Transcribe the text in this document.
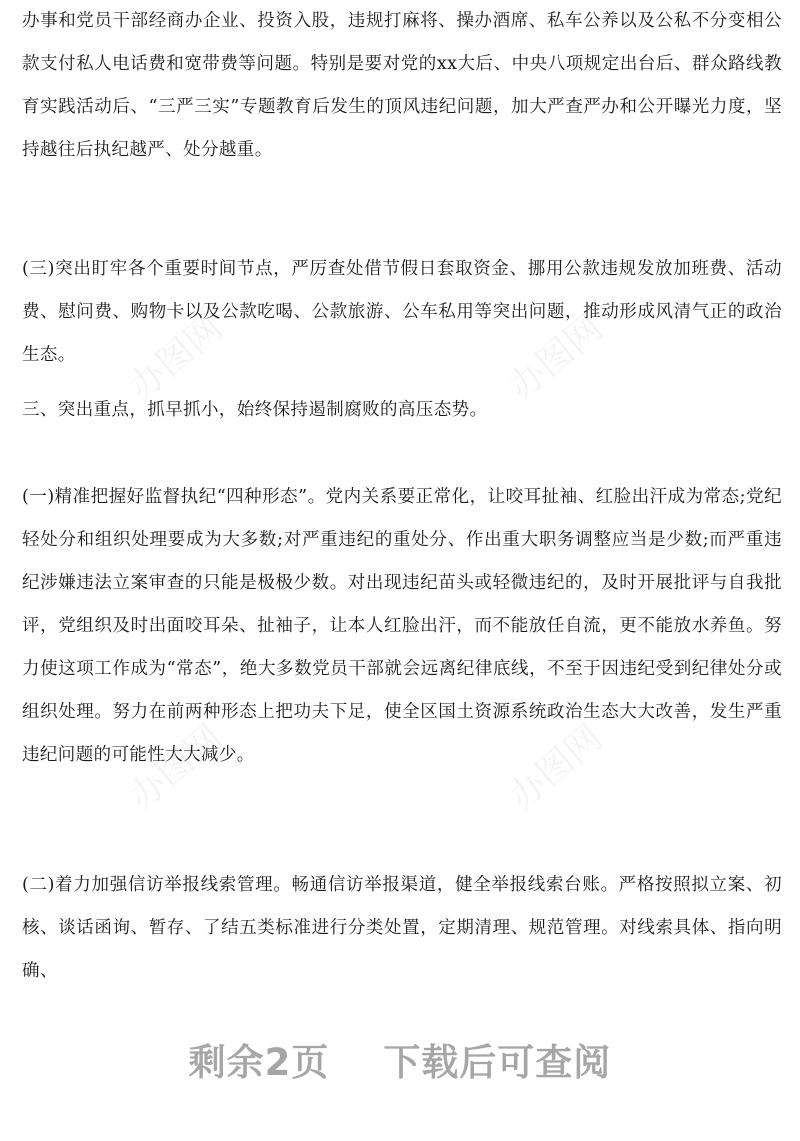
办事和党员干部经商办企业、投资入股，违规打麻将、操办酒席、私车公养以及公私不分变相公款支付私人电话费和宽带费等问题。特别是要对党的xx大后、中央八项规定出台后、群众路线教育实践活动后、“三严三实”专题教育后发生的顶风违纪问题，加大严查严办和公开曝光力度，坚持越往后执纪越严、处分越重。

(三)突出盯牢各个重要时间节点，严厉查处借节假日套取资金、挪用公款违规发放加班费、活动费、慰问费、购物卡以及公款吃喝、公款旅游、公车私用等突出问题，推动形成风清气正的政治生态。

三、突出重点，抓早抓小，始终保持遏制腐败的高压态势。

(一)精准把握好监督执纪“四种形态”。党内关系要正常化，让咬耳扯袖、红脸出汗成为常态;党纪轻处分和组织处理要成为大多数;对严重违纪的重处分、作出重大职务调整应当是少数;而严重违纪涉嫌违法立案审查的只能是极极少数。对出现违纪苗头或轻微违纪的，及时开展批评与自我批评，党组织及时出面咬耳朵、扯袖子，让本人红脸出汗，而不能放任自流，更不能放水养鱼。努力使这项工作成为“常态”，绝大多数党员干部就会远离纪律底线，不至于因违纪受到纪律处分或组织处理。努力在前两种形态上把功夫下足，使全区国土资源系统政治生态大大改善，发生严重违纪问题的可能性大大减少。

(二)着力加强信访举报线索管理。畅通信访举报渠道，健全举报线索台账。严格按照拟立案、初核、谈话函询、暂存、了结五类标准进行分类处置，定期清理、规范管理。对线索具体、指向明确、

剩余2页 下载后可查阅
